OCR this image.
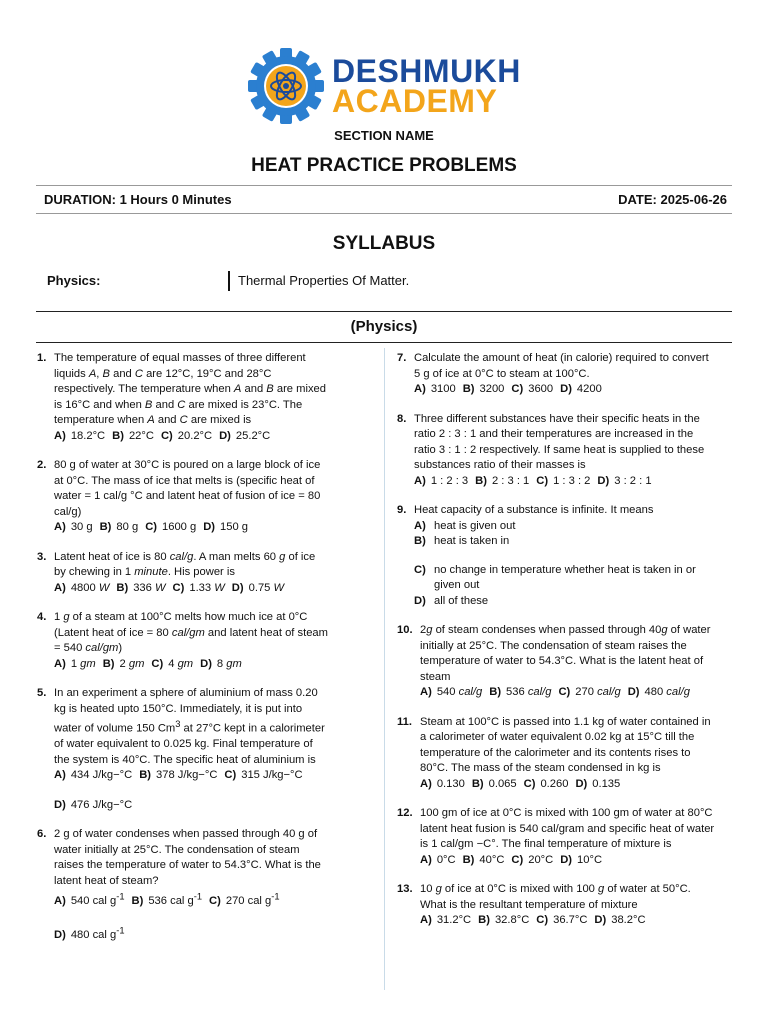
DESHMUKH
ACADEMY
SECTION NAME
HEAT PRACTICE PROBLEMS
DURATION: 1 Hours 0 Minutes	DATE: 2025-06-26
SYLLABUS
Physics:	Thermal Properties Of Matter.
(Physics)
1. The temperature of equal masses of three different liquids A, B and C are 12°C, 19°C and 28°C respectively. The temperature when A and B are mixed is 16°C and when B and C are mixed is 23°C. The temperature when A and C are mixed is
A) 18.2°C B) 22°C C) 20.2°C D) 25.2°C
2. 80 g of water at 30°C is poured on a large block of ice at 0°C. The mass of ice that melts is (specific heat of water = 1 cal/g °C and latent heat of fusion of ice = 80 cal/g)
A) 30 g B) 80 g C) 1600 g D) 150 g
3. Latent heat of ice is 80 cal/g. A man melts 60 g of ice by chewing in 1 minute. His power is
A) 4800 W B) 336 W C) 1.33 W D) 0.75 W
4. 1 g of a steam at 100°C melts how much ice at 0°C (Latent heat of ice = 80 cal/gm and latent heat of steam = 540 cal/gm)
A) 1 gm B) 2 gm C) 4 gm D) 8 gm
5. In an experiment a sphere of aluminium of mass 0.20 kg is heated upto 150°C. Immediately, it is put into water of volume 150 Cm$^3$ at 27°C kept in a calorimeter of water equivalent to 0.025 kg. Final temperature of the system is 40°C. The specific heat of aluminium is
A) 434 J/kg−°C B) 378 J/kg−°C C) 315 J/kg−°C
D) 476 J/kg−°C
6. 2 g of water condenses when passed through 40 g of water initially at 25°C. The condensation of steam raises the temperature of water to 54.3°C. What is the latent heat of steam?
A) 540 cal $g^{-1}$ B) 536 cal $g^{-1}$ C) 270 cal $g^{-1}$
D) 480 cal $g^{-1}$
7. Calculate the amount of heat (in calorie) required to convert 5 g of ice at 0°C to steam at 100°C.
A) 3100 B) 3200 C) 3600 D) 4200
8. Three different substances have their specific heats in the ratio 2 : 3 : 1 and their temperatures are increased in the ratio 3 : 1 : 2 respectively. If same heat is supplied to these substances ratio of their masses is
A) 1 : 2 : 3 B) 2 : 3 : 1 C) 1 : 3 : 2 D) 3 : 2 : 1
9. Heat capacity of a substance is infinite. It means
A) heat is given out
B) heat is taken in
C) no change in temperature whether heat is taken in or given out
D) all of these
10. 2g of steam condenses when passed through 40g of water initially at 25°C. The condensation of steam raises the temperature of water to 54.3°C. What is the latent heat of steam
A) 540 cal/g B) 536 cal/g C) 270 cal/g D) 480 cal/g
11. Steam at 100°C is passed into 1.1 kg of water contained in a calorimeter of water equivalent 0.02 kg at 15°C till the temperature of the calorimeter and its contents rises to 80°C. The mass of the steam condensed in kg is
A) 0.130 B) 0.065 C) 0.260 D) 0.135
12. 100 gm of ice at 0°C is mixed with 100 gm of water at 80°C latent heat fusion is 540 cal/gram and specific heat of water is 1 cal/gm −C°. The final temperature of mixture is
A) 0°C B) 40°C C) 20°C D) 10°C
13. 10 g of ice at 0°C is mixed with 100 g of water at 50°C. What is the resultant temperature of mixture
A) 31.2°C B) 32.8°C C) 36.7°C D) 38.2°C
